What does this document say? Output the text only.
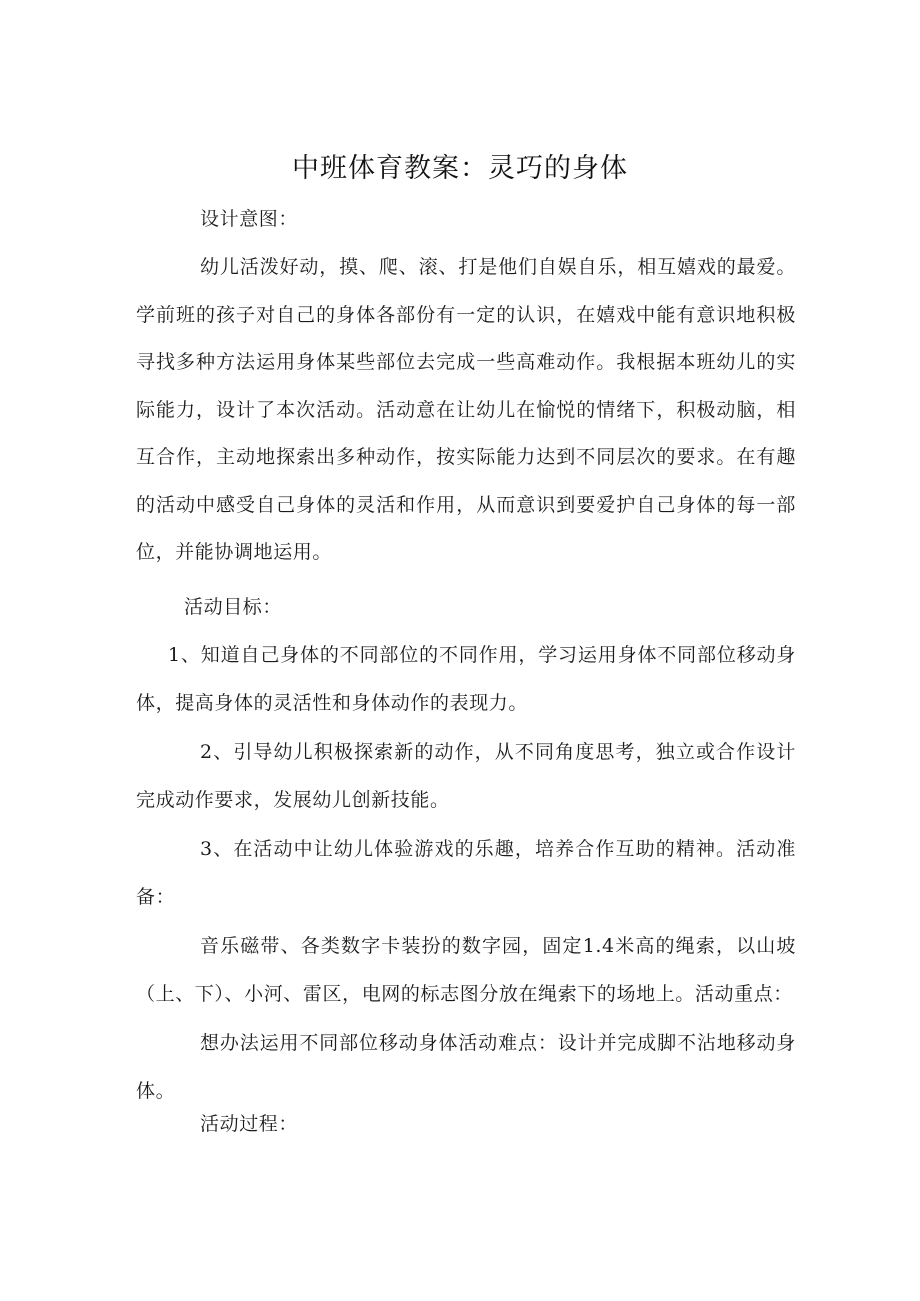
中班体育教案：灵巧的身体

设计意图：

幼儿活泼好动，摸、爬、滚、打是他们自娱自乐，相互嬉戏的最爱。学前班的孩子对自己的身体各部份有一定的认识，在嬉戏中能有意识地积极寻找多种方法运用身体某些部位去完成一些高难动作。我根据本班幼儿的实际能力，设计了本次活动。活动意在让幼儿在愉悦的情绪下，积极动脑，相互合作，主动地探索出多种动作，按实际能力达到不同层次的要求。在有趣的活动中感受自己身体的灵活和作用，从而意识到要爱护自己身体的每一部位，并能协调地运用。

活动目标：

1、知道自己身体的不同部位的不同作用，学习运用身体不同部位移动身体，提高身体的灵活性和身体动作的表现力。

2、引导幼儿积极探索新的动作，从不同角度思考，独立或合作设计完成动作要求，发展幼儿创新技能。

3、在活动中让幼儿体验游戏的乐趣，培养合作互助的精神。活动准备：

音乐磁带、各类数字卡装扮的数字园，固定1.4米高的绳索，以山坡（上、下）、小河、雷区，电网的标志图分放在绳索下的场地上。活动重点：

想办法运用不同部位移动身体活动难点：设计并完成脚不沾地移动身体。

活动过程：
